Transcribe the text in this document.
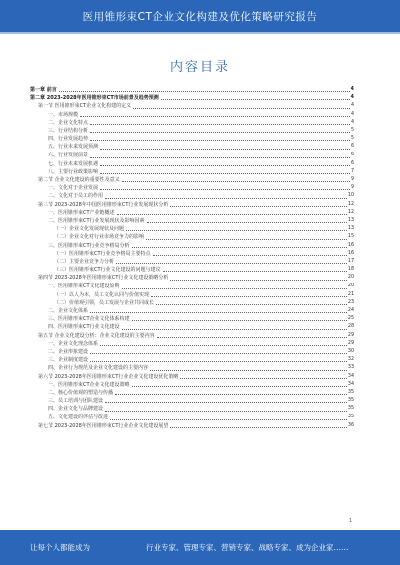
医用锥形束CT企业文化构建及优化策略研究报告
内容目录
第一章 前言	4
第二章 2023-2028年医用锥形束CT市场前景及趋势预测	4
第一节 医用锥形束CT企业文化构建的定义	4
一、市场规模	4
二、企业文化特点	4
三、行业结构分析	5
四、行业发展趋势	5
五、行业未来发展预测	6
六、行业发展前景	6
七、行业未来发展机遇	6
八、主要行业政策影响	7
第二节 企业文化建设的重要性及意义	9
一、文化对于企业发展	9
二、文化对于员工的作用	10
第三节 2023-2028年中国医用锥形束CT行业发展现状分析	12
一、医用锥形束CT产业链概述	12
二、医用锥形束CT行业发展现状及影响因素	13
（一）企业文化发展现状及问题	13
（二）企业文化对行业市场竞争力的影响	15
三、医用锥形束CT行业竞争格局分析	16
（一）医用锥形束CT行业竞争格局主要特点	16
（二）主要企业竞争力分析	17
（三）医用锥形束CT行业文化建设的问题与建议	18
第四节 2023-2028年医用锥形束CT行业文化建设策略分析	20
一、医用锥形束CT文化建设原则	20
（一）以人为本，员工文化认同与价值实现	21
（二）价值观引领，员工发展与企业共同成长	23
二、企业文化体系	24
三、医用锥形束CT企业文化体系构建	25
四、医用锥形束CT行业文化建设	28
第五节 企业文化建设分析：企业文化建设的主要内容	29
一、企业文化理念体系	29
二、企业形象建设	30
三、企业制度建设	32
四、企业行为规范及企业文化建设的主要内容	33
第六节 2023-2028年医用锥形束CT行业企业文化建设优化策略	34
一、医用锥形束CT企业文化建设策略	34
二、核心价值观的塑造与传播	35
三、员工培训与团队建设	35
四、企业文化与品牌建设	35
五、文化建设的评估与改进	35
第七节 2023-2028年医用锥形束CT行业企业文化建设展望	36
1
让每个人都能成为	行业专家、管理专家、营销专家、战略专家、成为企业家……
